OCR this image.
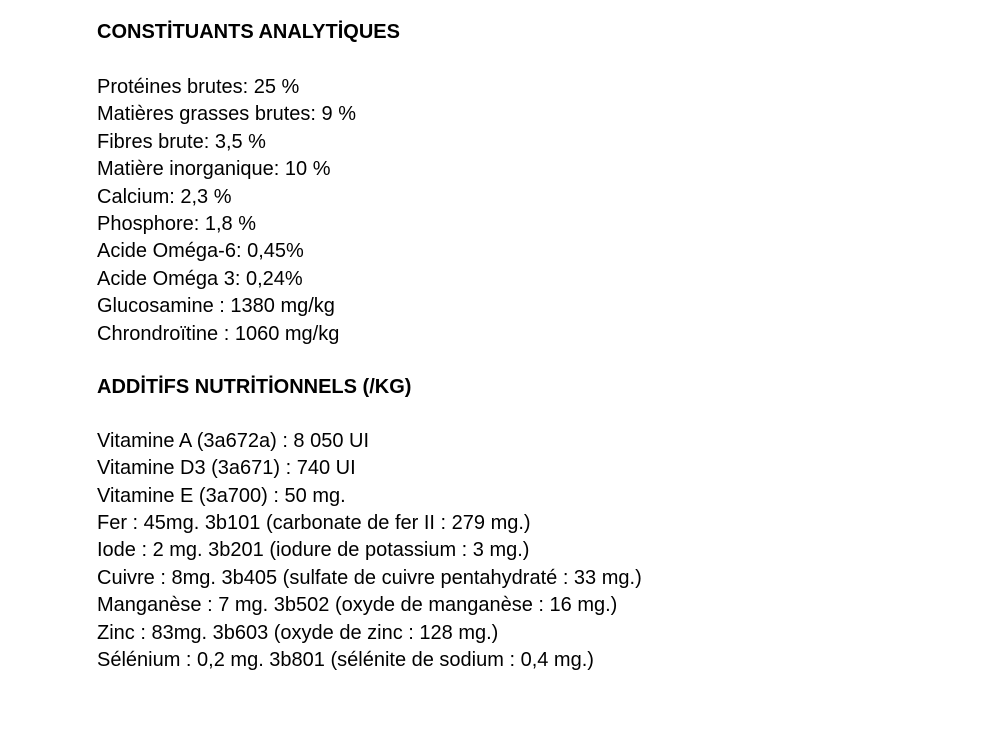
CONSTİTUANTS ANALYTİQUES
Protéines brutes: 25 %
Matières grasses brutes: 9 %
Fibres brute: 3,5 %
Matière inorganique: 10 %
Calcium: 2,3 %
Phosphore: 1,8 %
Acide Oméga-6: 0,45%
Acide Oméga 3: 0,24%
Glucosamine : 1380 mg/kg
Chrondroïtine : 1060 mg/kg
ADDİTİFS NUTRİTİONNELS (/KG)
Vitamine A (3a672a) : 8 050 UI
Vitamine D3 (3a671) : 740 UI
Vitamine E (3a700) : 50 mg.
Fer : 45mg. 3b101 (carbonate de fer II : 279 mg.)
Iode : 2 mg. 3b201 (iodure de potassium : 3 mg.)
Cuivre : 8mg. 3b405 (sulfate de cuivre pentahydraté : 33 mg.)
Manganèse : 7 mg. 3b502 (oxyde de manganèse : 16 mg.)
Zinc : 83mg. 3b603 (oxyde de zinc : 128 mg.)
Sélénium : 0,2 mg. 3b801 (sélénite de sodium : 0,4 mg.)
